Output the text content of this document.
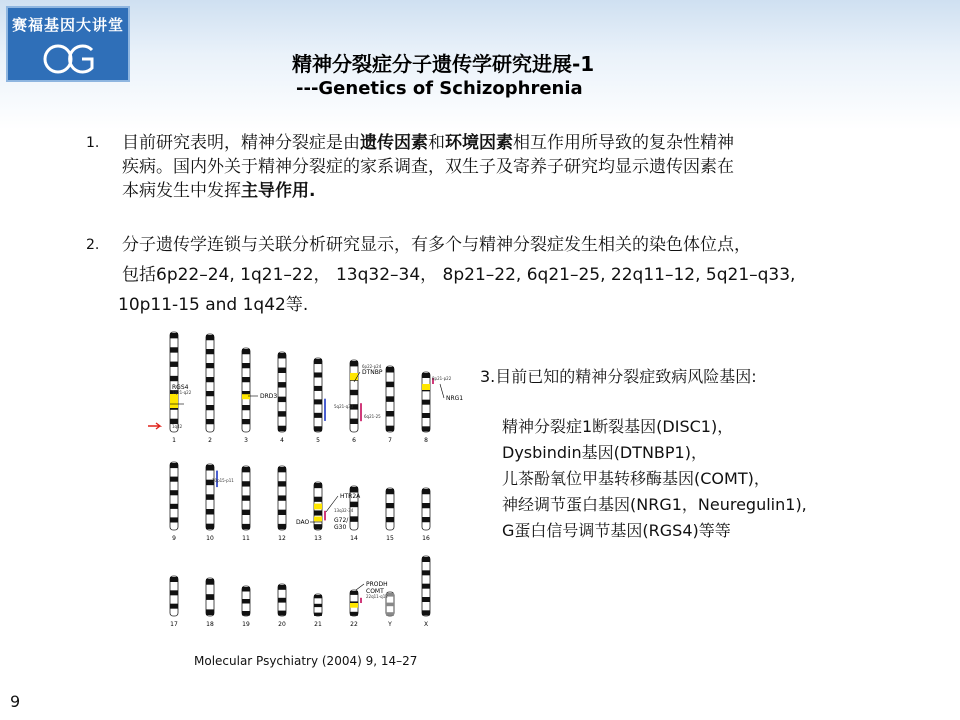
赛福基因大讲堂
精神分裂症分子遗传学研究进展-1
---Genetics of Schizophrenia
1. 目前研究表明，精神分裂症是由遗传因素和环境因素相互作用所导致的复杂性精神
疾病。国内外关于精神分裂症的家系调查，双生子及寄养子研究均显示遗传因素在
本病发生中发挥主导作用.
2. 分子遗传学连锁与关联分析研究显示，有多个与精神分裂症发生相关的染色体位点，
包括6p22–24, 1q21–22， 13q32–34， 8p21–22, 6q21–25, 22q11–12, 5q21–q33,
10p11-15 and 1q42等.
1	2	3	4	5	6	7	8
9	10	11	12	13	14	15	16
17	18	19	20	21	22	Y	X
RGS4
DRD3
DTNBP
NRG1
HTR2A
DAO	G72/
G30
PRODH
COMT
1q21-q22
1q42
6p22-p24
5q21-q33
6q21-25
8p21-p22
10p15-p11
13q32-34
22q11-q12
Molecular Psychiatry (2004) 9, 14–27
3.目前已知的精神分裂症致病风险基因:
精神分裂症1断裂基因(DISC1)，
Dysbindin基因(DTNBP1)，
儿茶酚氧位甲基转移酶基因(COMT)，
神经调节蛋白基因(NRG1，Neuregulin1),
G蛋白信号调节基因(RGS4)等等
9
